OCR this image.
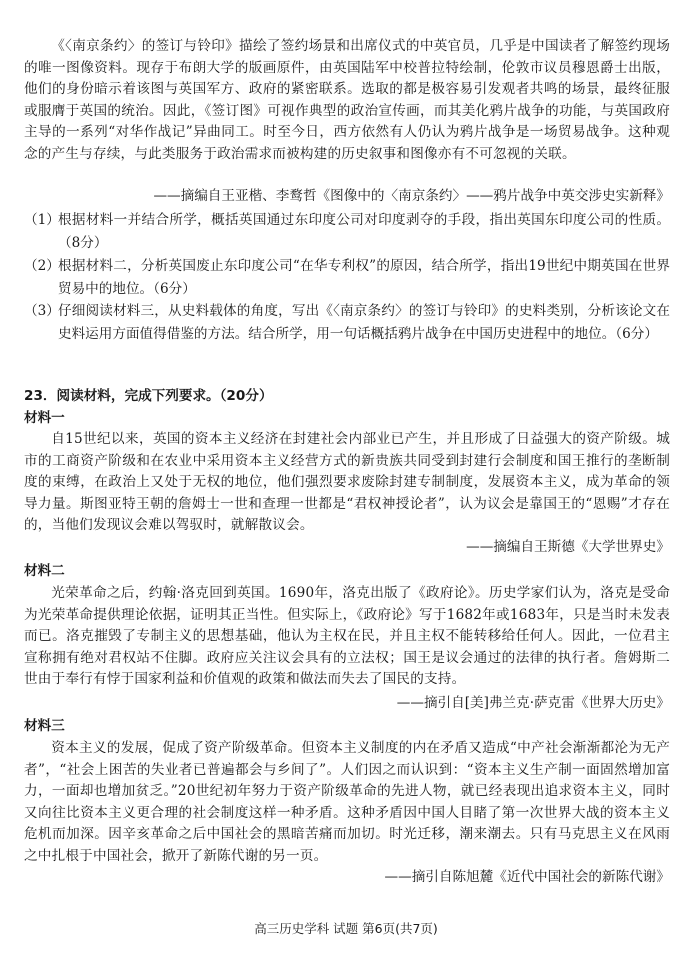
《〈南京条约〉的签订与铃印》描绘了签约场景和出席仪式的中英官员，几乎是中国读者了解签约现场的唯一图像资料。现存于布朗大学的版画原件，由英国陆军中校普拉特绘制，伦敦市议员穆恩爵士出版，他们的身份暗示着该图与英国军方、政府的紧密联系。选取的都是极容易引发观者共鸣的场景，最终征服或服膺于英国的统治。因此，《签订图》可视作典型的政治宣传画，而其美化鸦片战争的功能，与英国政府主导的一系列“对华作战记”异曲同工。时至今日，西方依然有人仍认为鸦片战争是一场贸易战争。这种观念的产生与存续，与此类服务于政治需求而被构建的历史叙事和图像亦有不可忽视的关联。
——摘编自王亚楷、李鹜哲《图像中的〈南京条约〉——鸦片战争中英交涉史实新释》
（1）
根据材料一并结合所学，概括英国通过东印度公司对印度剥夺的手段，指出英国东印度公司的性质。（8分）
（2）
根据材料二，分析英国废止东印度公司“在华专利权”的原因，结合所学，指出19世纪中期英国在世界贸易中的地位。（6分）
（3）
仔细阅读材料三，从史料载体的角度，写出《〈南京条约〉的签订与铃印》的史料类别，分析该论文在史料运用方面值得借鉴的方法。结合所学，用一句话概括鸦片战争在中国历史进程中的地位。（6分）
23．阅读材料，完成下列要求。（20分）
材料一
自15世纪以来，英国的资本主义经济在封建社会内部业已产生，并且形成了日益强大的资产阶级。城市的工商资产阶级和在农业中采用资本主义经营方式的新贵族共同受到封建行会制度和国王推行的垄断制度的束缚，在政治上又处于无权的地位，他们强烈要求废除封建专制制度，发展资本主义，成为革命的领导力量。斯图亚特王朝的詹姆士一世和查理一世都是“君权神授论者”，认为议会是靠国王的“恩赐”才存在的，当他们发现议会难以驾驭时，就解散议会。
——摘编自王斯德《大学世界史》
材料二
光荣革命之后，约翰·洛克回到英国。1690年，洛克出版了《政府论》。历史学家们认为，洛克是受命为光荣革命提供理论依据，证明其正当性。但实际上，《政府论》写于1682年或1683年，只是当时未发表而已。洛克摧毁了专制主义的思想基础，他认为主权在民，并且主权不能转移给任何人。因此，一位君主宣称拥有绝对君权站不住脚。政府应关注议会具有的立法权；国王是议会通过的法律的执行者。詹姆斯二世由于奉行有悖于国家利益和价值观的政策和做法而失去了国民的支持。
——摘引自[美]弗兰克·萨克雷《世界大历史》
材料三
资本主义的发展，促成了资产阶级革命。但资本主义制度的内在矛盾又造成“中产社会渐渐都沦为无产者”，“社会上困苦的失业者已普遍都会与乡间了”。人们因之而认识到：“资本主义生产制一面固然增加富力，一面却也增加贫乏。”20世纪初年努力于资产阶级革命的先进人物，就已经表现出追求资本主义，同时又向往比资本主义更合理的社会制度这样一种矛盾。这种矛盾因中国人目睹了第一次世界大战的资本主义危机而加深。因辛亥革命之后中国社会的黑暗苦痛而加切。时光迁移，潮来潮去。只有马克思主义在风雨之中扎根于中国社会，掀开了新陈代谢的另一页。
——摘引自陈旭麓《近代中国社会的新陈代谢》
高三历史学科 试题 第6页(共7页)
